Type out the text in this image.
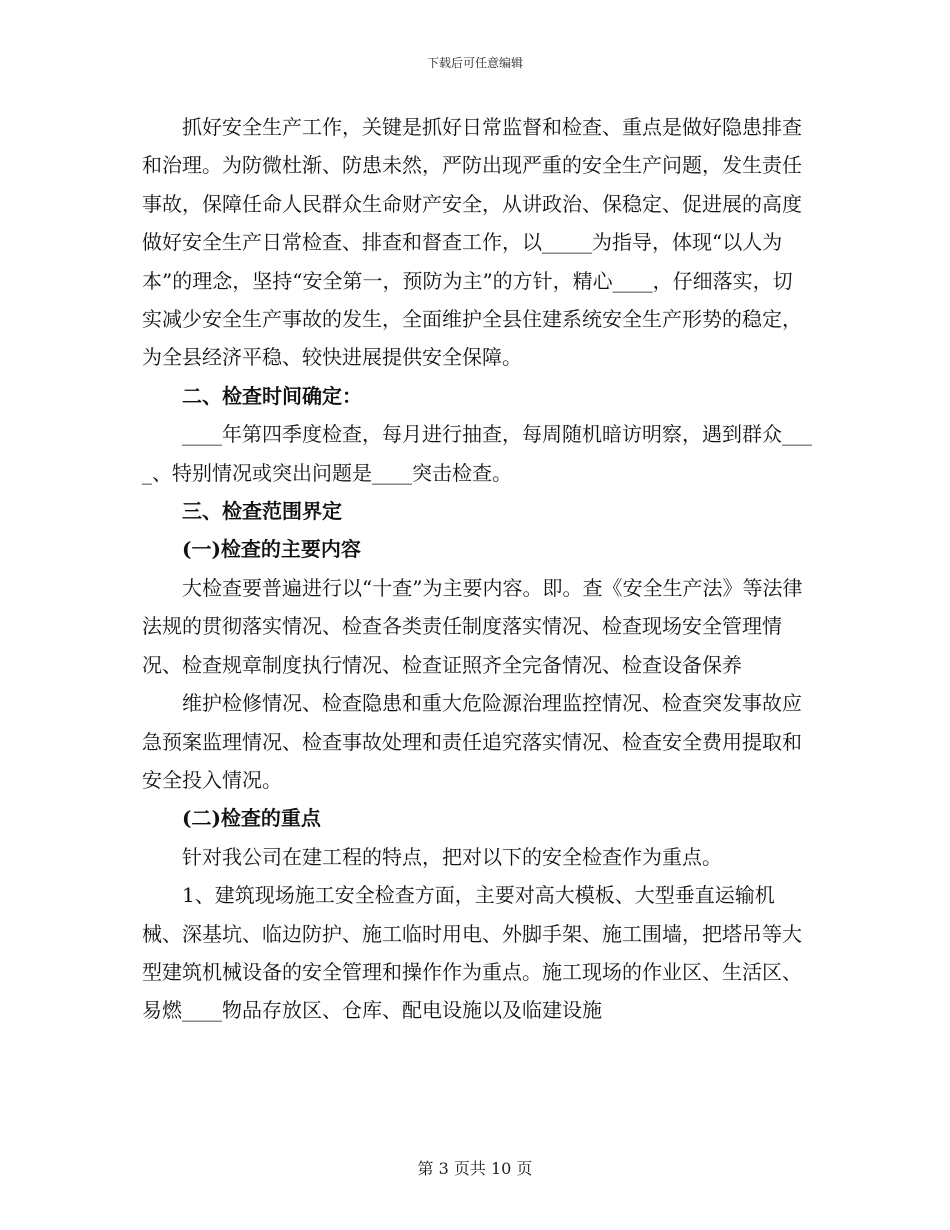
下载后可任意编辑

抓好安全生产工作，关键是抓好日常监督和检查、重点是做好隐患排查和治理。为防微杜渐、防患未然，严防出现严重的安全生产问题，发生责任事故，保障任命人民群众生命财产安全，从讲政治、保稳定、促进展的高度做好安全生产日常检查、排查和督查工作，以_____为指导，体现“以人为本”的理念，坚持“安全第一，预防为主”的方针，精心____，仔细落实，切实减少安全生产事故的发生，全面维护全县住建系统安全生产形势的稳定，为全县经济平稳、较快进展提供安全保障。

二、检查时间确定：

____年第四季度检查，每月进行抽查，每周随机暗访明察，遇到群众____、特别情况或突出问题是____突击检查。

三、检查范围界定

(一)检查的主要内容

大检查要普遍进行以“十查”为主要内容。即。查《安全生产法》等法律法规的贯彻落实情况、检查各类责任制度落实情况、检查现场安全管理情况、检查规章制度执行情况、检查证照齐全完备情况、检查设备保养

维护检修情况、检查隐患和重大危险源治理监控情况、检查突发事故应急预案监理情况、检查事故处理和责任追究落实情况、检查安全费用提取和安全投入情况。

(二)检查的重点

针对我公司在建工程的特点，把对以下的安全检查作为重点。

1、建筑现场施工安全检查方面，主要对高大模板、大型垂直运输机械、深基坑、临边防护、施工临时用电、外脚手架、施工围墙，把塔吊等大型建筑机械设备的安全管理和操作作为重点。施工现场的作业区、生活区、易燃____物品存放区、仓库、配电设施以及临建设施

第 3 页共 10 页
